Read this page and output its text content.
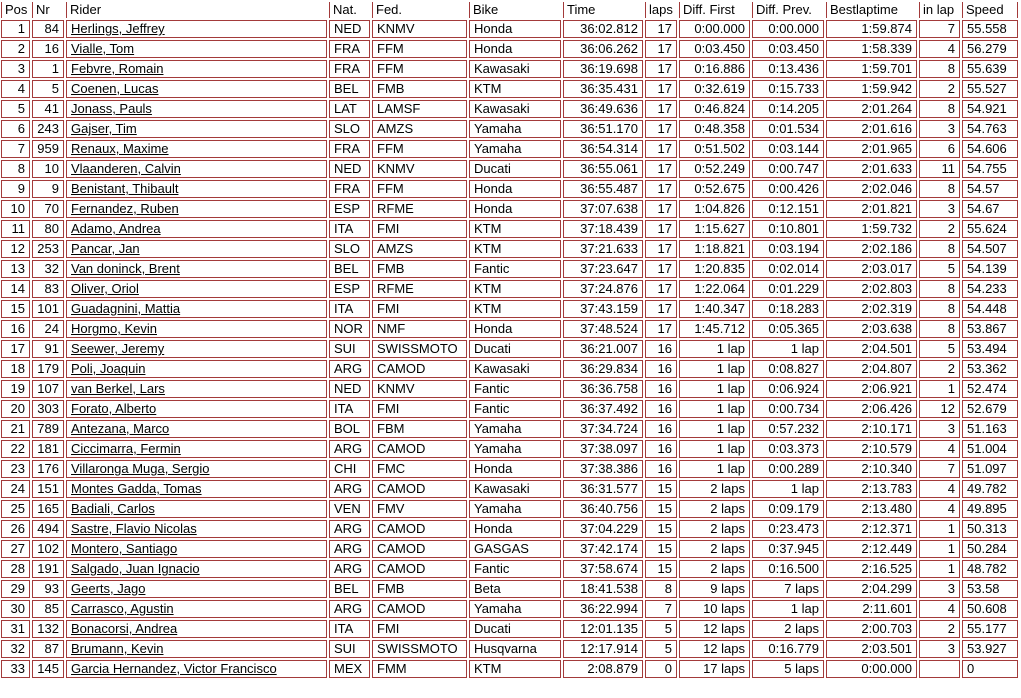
Pos	Nr	Rider	Nat.	Fed.	Bike	Time	laps	Diff. First	Diff. Prev.	Bestlaptime	in lap	Speed
1	84	Herlings, Jeffrey	NED	KNMV	Honda	36:02.812	17	0:00.000	0:00.000	1:59.874	7	55.558
2	16	Vialle, Tom	FRA	FFM	Honda	36:06.262	17	0:03.450	0:03.450	1:58.339	4	56.279
3	1	Febvre, Romain	FRA	FFM	Kawasaki	36:19.698	17	0:16.886	0:13.436	1:59.701	8	55.639
4	5	Coenen, Lucas	BEL	FMB	KTM	36:35.431	17	0:32.619	0:15.733	1:59.942	2	55.527
5	41	Jonass, Pauls	LAT	LAMSF	Kawasaki	36:49.636	17	0:46.824	0:14.205	2:01.264	8	54.921
6	243	Gajser, Tim	SLO	AMZS	Yamaha	36:51.170	17	0:48.358	0:01.534	2:01.616	3	54.763
7	959	Renaux, Maxime	FRA	FFM	Yamaha	36:54.314	17	0:51.502	0:03.144	2:01.965	6	54.606
8	10	Vlaanderen, Calvin	NED	KNMV	Ducati	36:55.061	17	0:52.249	0:00.747	2:01.633	11	54.755
9	9	Benistant, Thibault	FRA	FFM	Honda	36:55.487	17	0:52.675	0:00.426	2:02.046	8	54.57
10	70	Fernandez, Ruben	ESP	RFME	Honda	37:07.638	17	1:04.826	0:12.151	2:01.821	3	54.67
11	80	Adamo, Andrea	ITA	FMI	KTM	37:18.439	17	1:15.627	0:10.801	1:59.732	2	55.624
12	253	Pancar, Jan	SLO	AMZS	KTM	37:21.633	17	1:18.821	0:03.194	2:02.186	8	54.507
13	32	Van doninck, Brent	BEL	FMB	Fantic	37:23.647	17	1:20.835	0:02.014	2:03.017	5	54.139
14	83	Oliver, Oriol	ESP	RFME	KTM	37:24.876	17	1:22.064	0:01.229	2:02.803	8	54.233
15	101	Guadagnini, Mattia	ITA	FMI	KTM	37:43.159	17	1:40.347	0:18.283	2:02.319	8	54.448
16	24	Horgmo, Kevin	NOR	NMF	Honda	37:48.524	17	1:45.712	0:05.365	2:03.638	8	53.867
17	91	Seewer, Jeremy	SUI	SWISSMOTO	Ducati	36:21.007	16	1 lap	1 lap	2:04.501	5	53.494
18	179	Poli, Joaquin	ARG	CAMOD	Kawasaki	36:29.834	16	1 lap	0:08.827	2:04.807	2	53.362
19	107	van Berkel, Lars	NED	KNMV	Fantic	36:36.758	16	1 lap	0:06.924	2:06.921	1	52.474
20	303	Forato, Alberto	ITA	FMI	Fantic	36:37.492	16	1 lap	0:00.734	2:06.426	12	52.679
21	789	Antezana, Marco	BOL	FBM	Yamaha	37:34.724	16	1 lap	0:57.232	2:10.171	3	51.163
22	181	Ciccimarra, Fermin	ARG	CAMOD	Yamaha	37:38.097	16	1 lap	0:03.373	2:10.579	4	51.004
23	176	Villaronga Muga, Sergio	CHI	FMC	Honda	37:38.386	16	1 lap	0:00.289	2:10.340	7	51.097
24	151	Montes Gadda, Tomas	ARG	CAMOD	Kawasaki	36:31.577	15	2 laps	1 lap	2:13.783	4	49.782
25	165	Badiali, Carlos	VEN	FMV	Yamaha	36:40.756	15	2 laps	0:09.179	2:13.480	4	49.895
26	494	Sastre, Flavio Nicolas	ARG	CAMOD	Honda	37:04.229	15	2 laps	0:23.473	2:12.371	1	50.313
27	102	Montero, Santiago	ARG	CAMOD	GASGAS	37:42.174	15	2 laps	0:37.945	2:12.449	1	50.284
28	191	Salgado, Juan Ignacio	ARG	CAMOD	Fantic	37:58.674	15	2 laps	0:16.500	2:16.525	1	48.782
29	93	Geerts, Jago	BEL	FMB	Beta	18:41.538	8	9 laps	7 laps	2:04.299	3	53.58
30	85	Carrasco, Agustin	ARG	CAMOD	Yamaha	36:22.994	7	10 laps	1 lap	2:11.601	4	50.608
31	132	Bonacorsi, Andrea	ITA	FMI	Ducati	12:01.135	5	12 laps	2 laps	2:00.703	2	55.177
32	87	Brumann, Kevin	SUI	SWISSMOTO	Husqvarna	12:17.914	5	12 laps	0:16.779	2:03.501	3	53.927
33	145	Garcia Hernandez, Victor Francisco	MEX	FMM	KTM	2:08.879	0	17 laps	5 laps	0:00.000		0
